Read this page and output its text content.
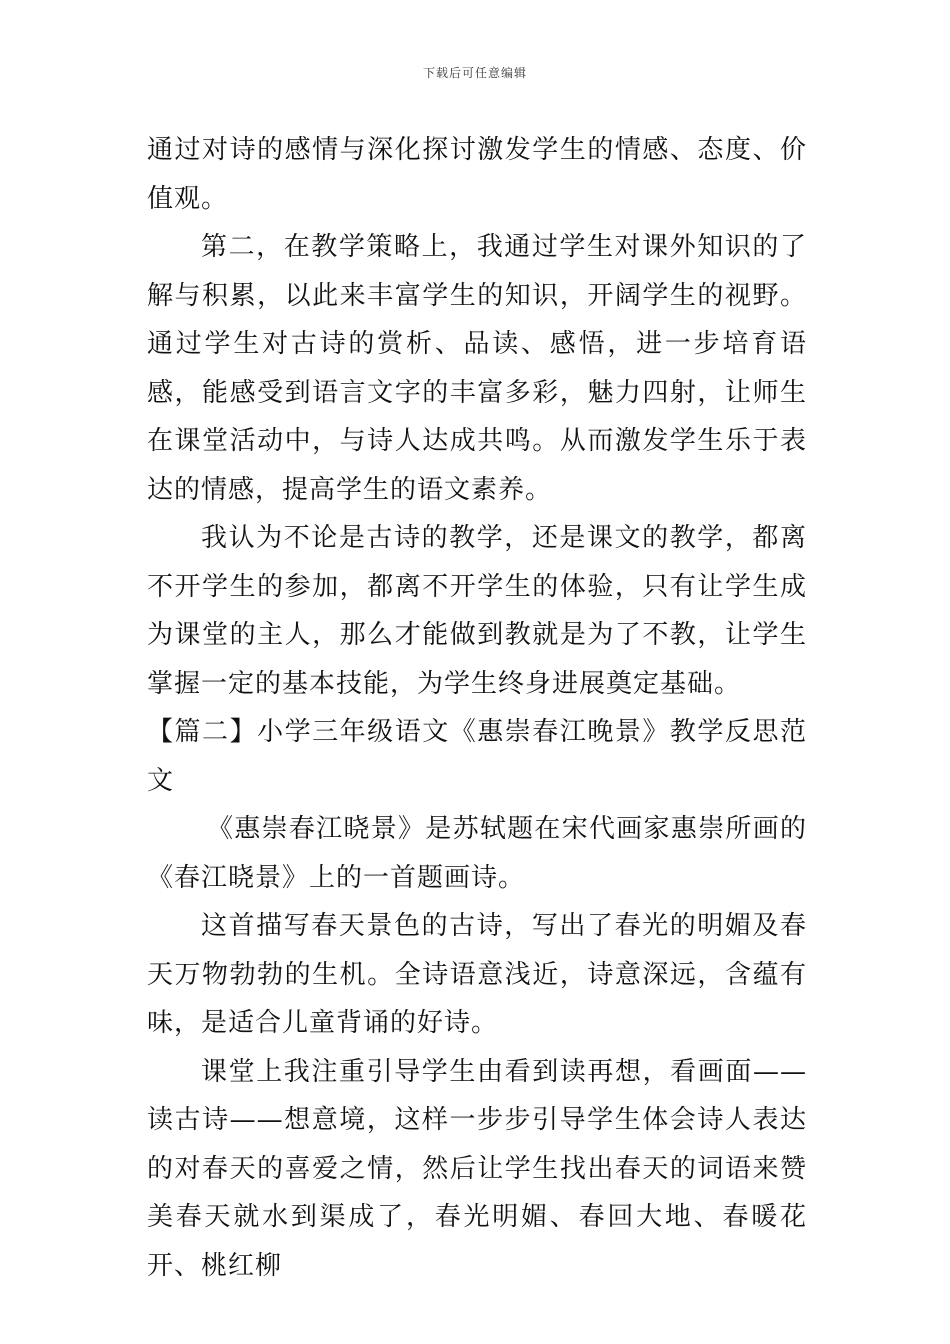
下载后可任意编辑

通过对诗的感情与深化探讨激发学生的情感、态度、价值观。

第二，在教学策略上，我通过学生对课外知识的了解与积累，以此来丰富学生的知识，开阔学生的视野。通过学生对古诗的赏析、品读、感悟，进一步培育语感，能感受到语言文字的丰富多彩，魅力四射，让师生在课堂活动中，与诗人达成共鸣。从而激发学生乐于表达的情感，提高学生的语文素养。

我认为不论是古诗的教学，还是课文的教学，都离不开学生的参加，都离不开学生的体验，只有让学生成为课堂的主人，那么才能做到教就是为了不教，让学生掌握一定的基本技能，为学生终身进展奠定基础。

【篇二】小学三年级语文《惠崇春江晚景》教学反思范文

《惠崇春江晓景》是苏轼题在宋代画家惠崇所画的《春江晓景》上的一首题画诗。

这首描写春天景色的古诗，写出了春光的明媚及春天万物勃勃的生机。全诗语意浅近，诗意深远，含蕴有味，是适合儿童背诵的好诗。

课堂上我注重引导学生由看到读再想，看画面——读古诗——想意境，这样一步步引导学生体会诗人表达的对春天的喜爱之情，然后让学生找出春天的词语来赞美春天就水到渠成了，春光明媚、春回大地、春暖花开、桃红柳
